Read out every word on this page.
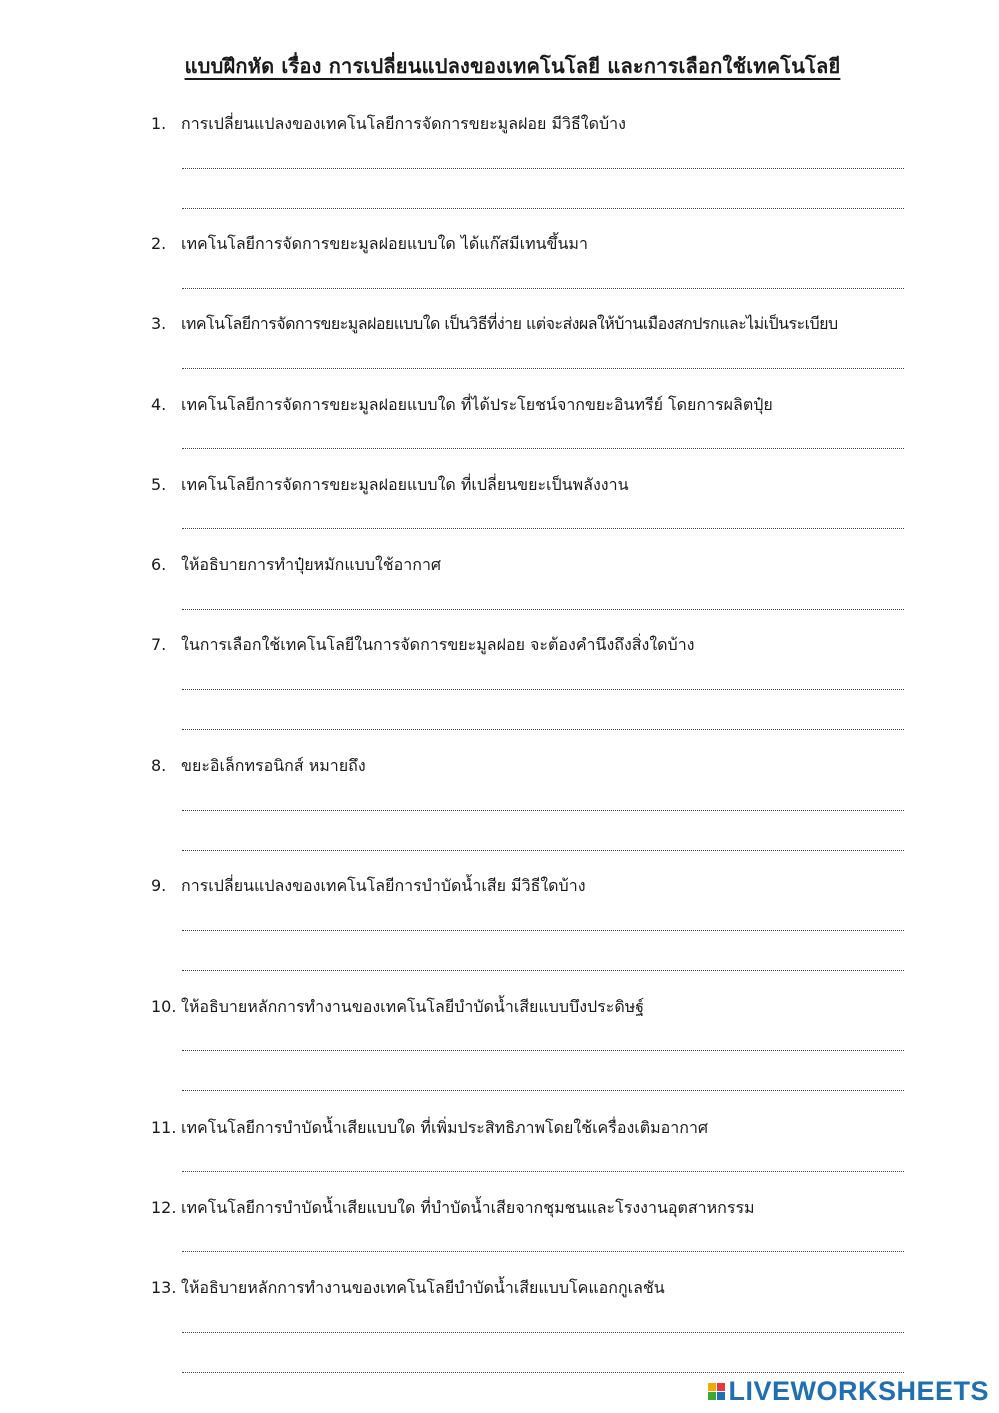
แบบฝึกหัด เรื่อง การเปลี่ยนแปลงของเทคโนโลยี และการเลือกใช้เทคโนโลยี
1. การเปลี่ยนแปลงของเทคโนโลยีการจัดการขยะมูลฝอย มีวิธีใดบ้าง
2. เทคโนโลยีการจัดการขยะมูลฝอยแบบใด ได้แก๊สมีเทนขึ้นมา
3. เทคโนโลยีการจัดการขยะมูลฝอยแบบใด เป็นวิธีที่ง่าย แต่จะส่งผลให้บ้านเมืองสกปรกและไม่เป็นระเบียบ
4. เทคโนโลยีการจัดการขยะมูลฝอยแบบใด ที่ได้ประโยชน์จากขยะอินทรีย์ โดยการผลิตปุ๋ย
5. เทคโนโลยีการจัดการขยะมูลฝอยแบบใด ที่เปลี่ยนขยะเป็นพลังงาน
6. ให้อธิบายการทำปุ๋ยหมักแบบใช้อากาศ
7. ในการเลือกใช้เทคโนโลยีในการจัดการขยะมูลฝอย จะต้องคำนึงถึงสิ่งใดบ้าง
8. ขยะอิเล็กทรอนิกส์ หมายถึง
9. การเปลี่ยนแปลงของเทคโนโลยีการบำบัดน้ำเสีย มีวิธีใดบ้าง
10. ให้อธิบายหลักการทำงานของเทคโนโลยีบำบัดน้ำเสียแบบบึงประดิษฐ์
11. เทคโนโลยีการบำบัดน้ำเสียแบบใด ที่เพิ่มประสิทธิภาพโดยใช้เครื่องเติมอากาศ
12. เทคโนโลยีการบำบัดน้ำเสียแบบใด ที่บำบัดน้ำเสียจากชุมชนและโรงงานอุตสาหกรรม
13. ให้อธิบายหลักการทำงานของเทคโนโลยีบำบัดน้ำเสียแบบโคแอกกูเลชัน
LIVEWORKSHEETS
